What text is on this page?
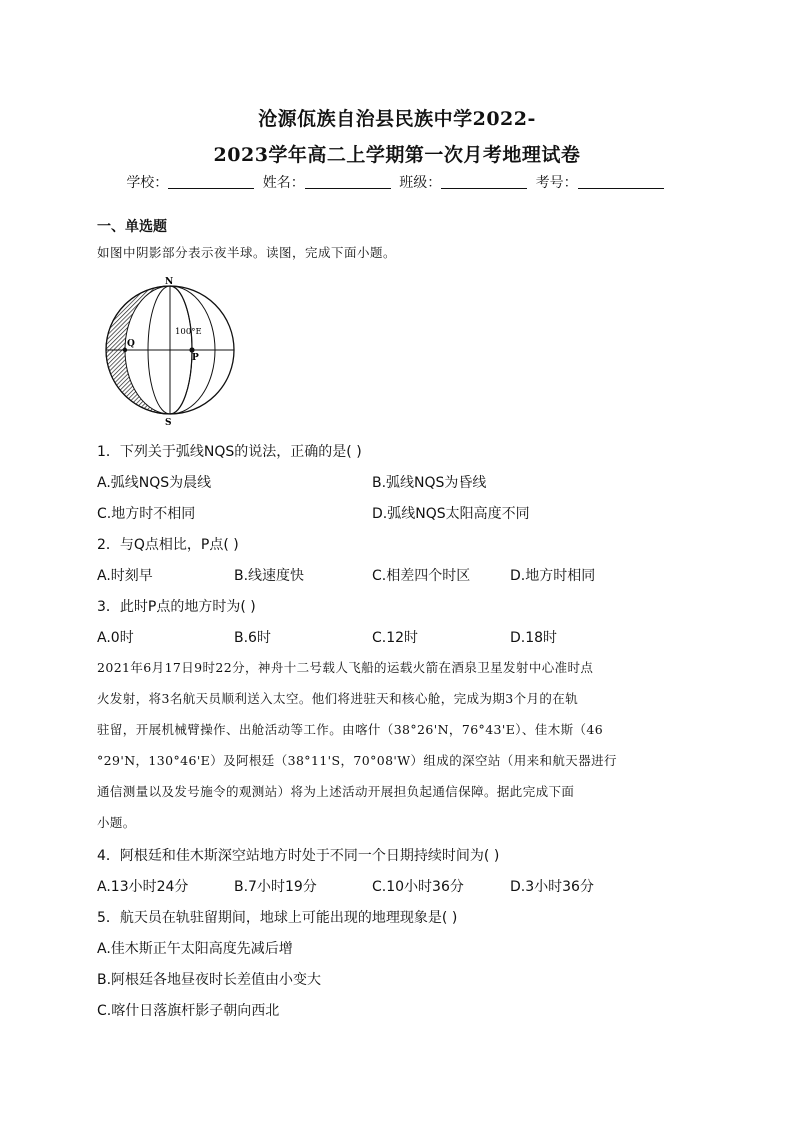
沧源佤族自治县民族中学2022-
2023学年高二上学期第一次月考地理试卷
学校：	姓名：	班级：	考号：
一、单选题
如图中阴影部分表示夜半球。读图，完成下面小题。
N
S
Q
P
100°E
1．下列关于弧线NQS的说法，正确的是( )
A.弧线NQS为晨线	B.弧线NQS为昏线
C.地方时不相同	D.弧线NQS太阳高度不同
2．与Q点相比，P点( )
A.时刻早	B.线速度快	C.相差四个时区	D.地方时相同
3．此时P点的地方时为( )
A.0时	B.6时	C.12时	D.18时
2021年6月17日9时22分，神舟十二号载人飞船的运载火箭在酒泉卫星发射中心准时点
火发射，将3名航天员顺利送入太空。他们将进驻天和核心舱，完成为期3个月的在轨
驻留，开展机械臂操作、出舱活动等工作。由喀什（38°26'N，76°43'E）、佳木斯（46
°29'N，130°46'E）及阿根廷（38°11'S，70°08'W）组成的深空站（用来和航天器进行
通信测量以及发号施令的观测站）将为上述活动开展担负起通信保障。据此完成下面
小题。
4．阿根廷和佳木斯深空站地方时处于不同一个日期持续时间为( )
A.13小时24分	B.7小时19分	C.10小时36分	D.3小时36分
5．航天员在轨驻留期间，地球上可能出现的地理现象是( )
A.佳木斯正午太阳高度先减后增
B.阿根廷各地昼夜时长差值由小变大
C.喀什日落旗杆影子朝向西北
